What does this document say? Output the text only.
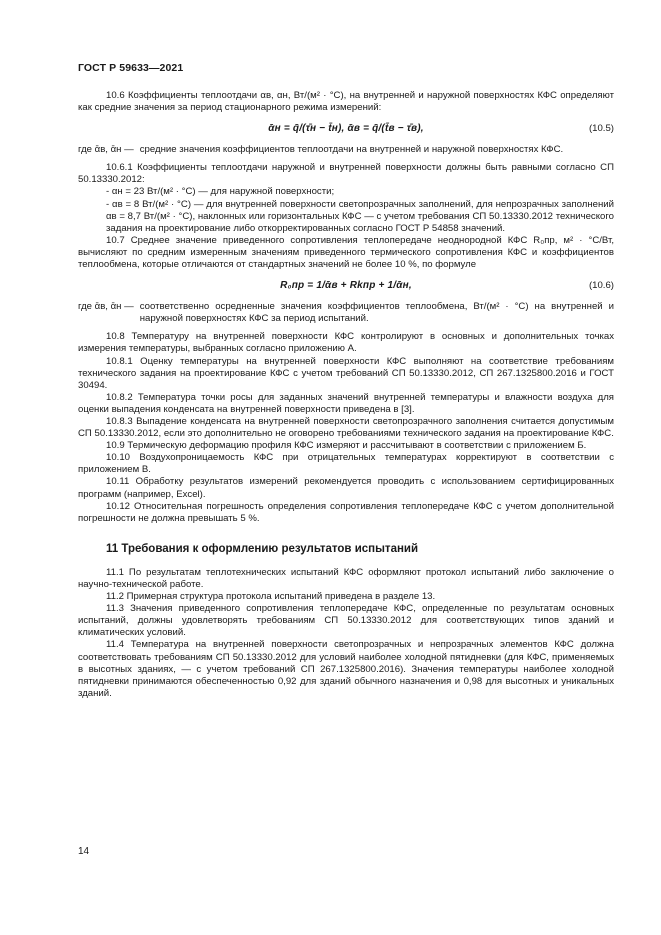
ГОСТ Р 59633—2021

10.6 Коэффициенты теплоотдачи αв, αн, Вт/(м² · °С), на внутренней и наружной поверхностях КФС определяют как средние значения за период стационарного режима измерений:

ᾱн = q̄/(τ̄н − t̄н), ᾱв = q̄/(t̄в − τ̄в),	(10.5)
где ᾱв, ᾱн — средние значения коэффициентов теплоотдачи на внутренней и наружной поверхностях КФС.

10.6.1 Коэффициенты теплоотдачи наружной и внутренней поверхности должны быть равными согласно СП 50.13330.2012:

- αн = 23 Вт/(м² · °С) — для наружной поверхности;

- αв = 8 Вт/(м² · °С) — для внутренней поверхности светопрозрачных заполнений, для непрозрачных заполнений αв = 8,7 Вт/(м² · °С), наклонных или горизонтальных КФС — с учетом требования СП 50.13330.2012 технического задания на проектирование либо откорректированных согласно ГОСТ Р 54858 значений.

10.7 Среднее значение приведенного сопротивления теплопередаче неоднородной КФС R₀пр, м² · °С/Вт, вычисляют по средним измеренным значениям приведенного термического сопротивления КФС и коэффициентов теплообмена, которые отличаются от стандартных значений не более 10 %, по формуле

R₀пр = 1/ᾱв + Rkпр + 1/ᾱн,	(10.6)
где ᾱв, ᾱн — соответственно осредненные значения коэффициентов теплообмена, Вт/(м² · °С) на внутренней и наружной поверхностях КФС за период испытаний.

10.8 Температуру на внутренней поверхности КФС контролируют в основных и дополнительных точках измерения температуры, выбранных согласно приложению А.

10.8.1 Оценку температуры на внутренней поверхности КФС выполняют на соответствие требованиям технического задания на проектирование КФС с учетом требований СП 50.13330.2012, СП 267.1325800.2016 и ГОСТ 30494.

10.8.2 Температура точки росы для заданных значений внутренней температуры и влажности воздуха для оценки выпадения конденсата на внутренней поверхности приведена в [3].

10.8.3 Выпадение конденсата на внутренней поверхности светопрозрачного заполнения считается допустимым СП 50.13330.2012, если это дополнительно не оговорено требованиями технического задания на проектирование КФС.

10.9 Термическую деформацию профиля КФС измеряют и рассчитывают в соответствии с приложением Б.

10.10 Воздухопроницаемость КФС при отрицательных температурах корректируют в соответствии с приложением В.

10.11 Обработку результатов измерений рекомендуется проводить с использованием сертифицированных программ (например, Excel).

10.12 Относительная погрешность определения сопротивления теплопередаче КФС с учетом дополнительной погрешности не должна превышать 5 %.

11 Требования к оформлению результатов испытаний

11.1 По результатам теплотехнических испытаний КФС оформляют протокол испытаний либо заключение о научно-технической работе.

11.2 Примерная структура протокола испытаний приведена в разделе 13.

11.3 Значения приведенного сопротивления теплопередаче КФС, определенные по результатам основных испытаний, должны удовлетворять требованиям СП 50.13330.2012 для соответствующих типов зданий и климатических условий.

11.4 Температура на внутренней поверхности светопрозрачных и непрозрачных элементов КФС должна соответствовать требованиям СП 50.13330.2012 для условий наиболее холодной пятидневки (для КФС, применяемых в высотных зданиях, — с учетом требований СП 267.1325800.2016). Значения температуры наиболее холодной пятидневки принимаются обеспеченностью 0,92 для зданий обычного назначения и 0,98 для высотных и уникальных зданий.

14
